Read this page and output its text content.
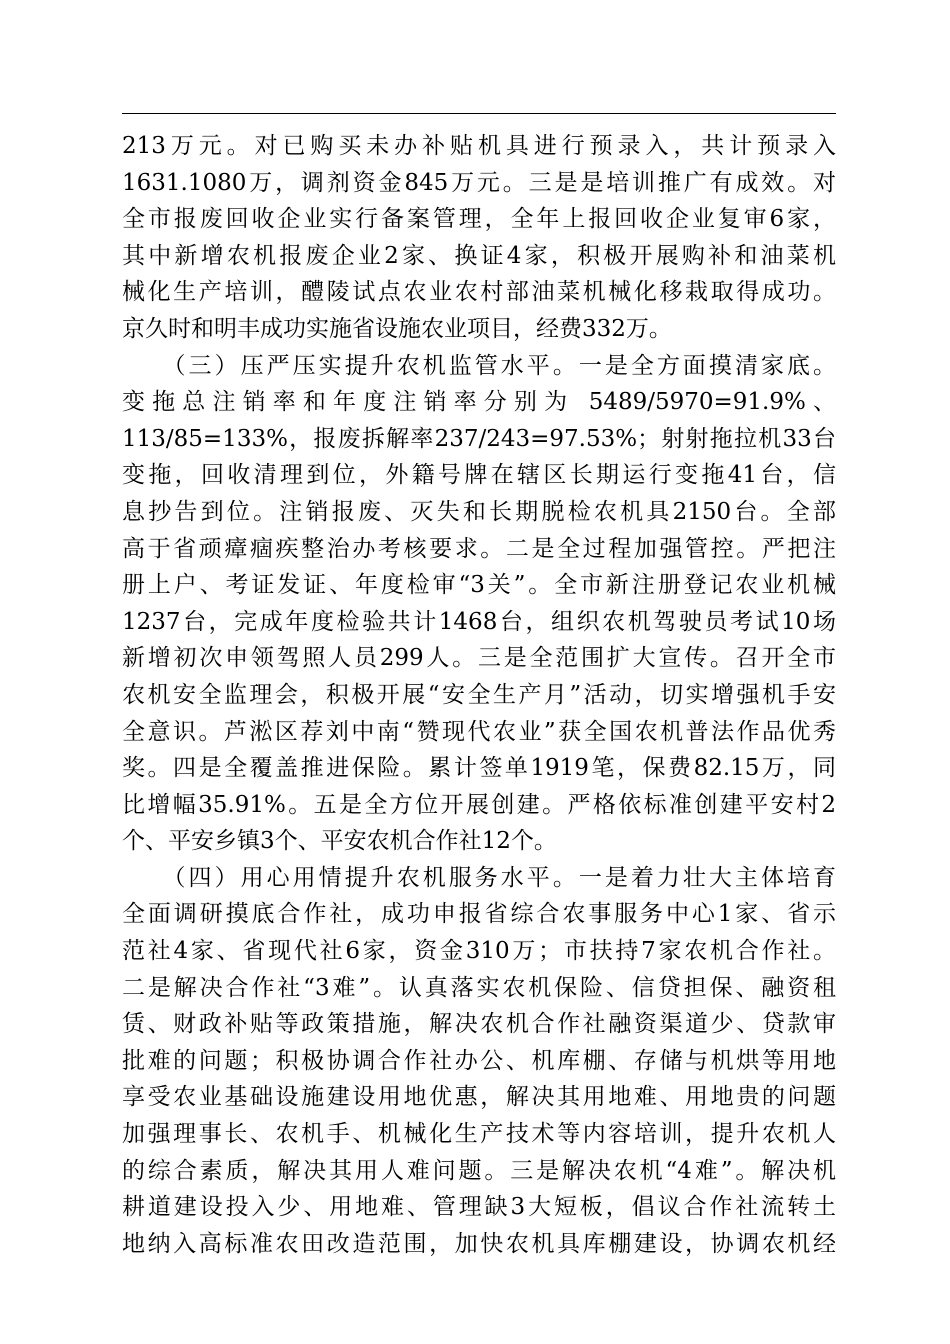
213万元。对已购买未办补贴机具进行预录入，共计预录入
1631.1080万，调剂资金845万元。三是是培训推广有成效。对
全市报废回收企业实行备案管理，全年上报回收企业复审6家，
其中新增农机报废企业2家、换证4家，积极开展购补和油菜机
械化生产培训，醴陵试点农业农村部油菜机械化移栽取得成功。
京久时和明丰成功实施省设施农业项目，经费332万。
　　（三）压严压实提升农机监管水平。一是全方面摸清家底。
变拖总注销率和年度注销率分别为 5489/5970=91.9%、
113/85=133%，报废拆解率237/243=97.53%；射射拖拉机33台
变拖，回收清理到位，外籍号牌在辖区长期运行变拖41台，信
息抄告到位。注销报废、灭失和长期脱检农机具2150台。全部
高于省顽瘴痼疾整治办考核要求。二是全过程加强管控。严把注
册上户、考证发证、年度检审“3关”。全市新注册登记农业机械
1237台，完成年度检验共计1468台，组织农机驾驶员考试10场
新增初次申领驾照人员299人。三是全范围扩大宣传。召开全市
农机安全监理会，积极开展“安全生产月”活动，切实增强机手安
全意识。芦淞区荐刘中南“赞现代农业”获全国农机普法作品优秀
奖。四是全覆盖推进保险。累计签单1919笔，保费82.15万，同
比增幅35.91%。五是全方位开展创建。严格依标准创建平安村2
个、平安乡镇3个、平安农机合作社12个。
　　（四）用心用情提升农机服务水平。一是着力壮大主体培育
全面调研摸底合作社，成功申报省综合农事服务中心1家、省示
范社4家、省现代社6家，资金310万；市扶持7家农机合作社。
二是解决合作社“3难”。认真落实农机保险、信贷担保、融资租
赁、财政补贴等政策措施，解决农机合作社融资渠道少、贷款审
批难的问题；积极协调合作社办公、机库棚、存储与机烘等用地
享受农业基础设施建设用地优惠，解决其用地难、用地贵的问题
加强理事长、农机手、机械化生产技术等内容培训，提升农机人
的综合素质，解决其用人难问题。三是解决农机“4难”。解决机
耕道建设投入少、用地难、管理缺3大短板，倡议合作社流转土
地纳入高标准农田改造范围，加快农机具库棚建设，协调农机经
